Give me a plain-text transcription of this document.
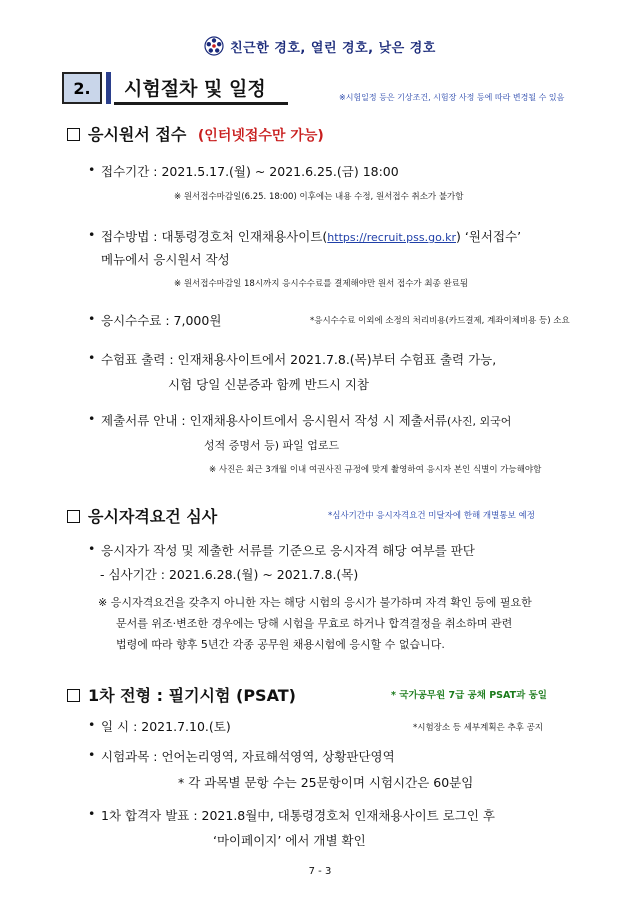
친근한 경호, 열린 경호, 낮은 경호
2.	시험절차 및 일정	※시험일정 등은 기상조건, 시험장 사정 등에 따라 변경될 수 있음
응시원서 접수 (인터넷접수만 가능)
• 접수기간 : 2021.5.17.(월) ~ 2021.6.25.(금) 18:00
※ 원서접수마감일(6.25. 18:00) 이후에는 내용 수정, 원서접수 취소가 불가함
• 접수방법 : 대통령경호처 인재채용사이트(https://recruit.pss.go.kr) ‘원서접수’
메뉴에서 응시원서 작성
※ 원서접수마감일 18시까지 응시수수료를 결제해야만 원서 접수가 최종 완료됨
• 응시수수료 : 7,000원	*응시수수료 이외에 소정의 처리비용(카드결제, 계좌이체비용 등) 소요
• 수험표 출력 : 인재채용사이트에서 2021.7.8.(목)부터 수험표 출력 가능,
시험 당일 신분증과 함께 반드시 지참
• 제출서류 안내 : 인재채용사이트에서 응시원서 작성 시 제출서류(사진, 외국어
성적 증명서 등) 파일 업로드
※ 사진은 최근 3개월 이내 여권사진 규정에 맞게 촬영하여 응시자 본인 식별이 가능해야함
응시자격요건 심사	*심사기간中 응시자격요건 미달자에 한해 개별통보 예정
• 응시자가 작성 및 제출한 서류를 기준으로 응시자격 해당 여부를 판단
- 심사기간 : 2021.6.28.(월) ~ 2021.7.8.(목)
※ 응시자격요건을 갖추지 아니한 자는 해당 시험의 응시가 불가하며 자격 확인 등에 필요한
문서를 위조·변조한 경우에는 당해 시험을 무효로 하거나 합격결정을 취소하며 관련
법령에 따라 향후 5년간 각종 공무원 채용시험에 응시할 수 없습니다.
1차 전형 : 필기시험 (PSAT)	* 국가공무원 7급 공채 PSAT과 동일
• 일 시 : 2021.7.10.(토)	*시험장소 등 세부계획은 추후 공지
• 시험과목 : 언어논리영역, 자료해석영역, 상황판단영역
* 각 과목별 문항 수는 25문항이며 시험시간은 60분임
• 1차 합격자 발표 : 2021.8월中, 대통령경호처 인재채용사이트 로그인 후
‘마이페이지’ 에서 개별 확인
7 - 3
